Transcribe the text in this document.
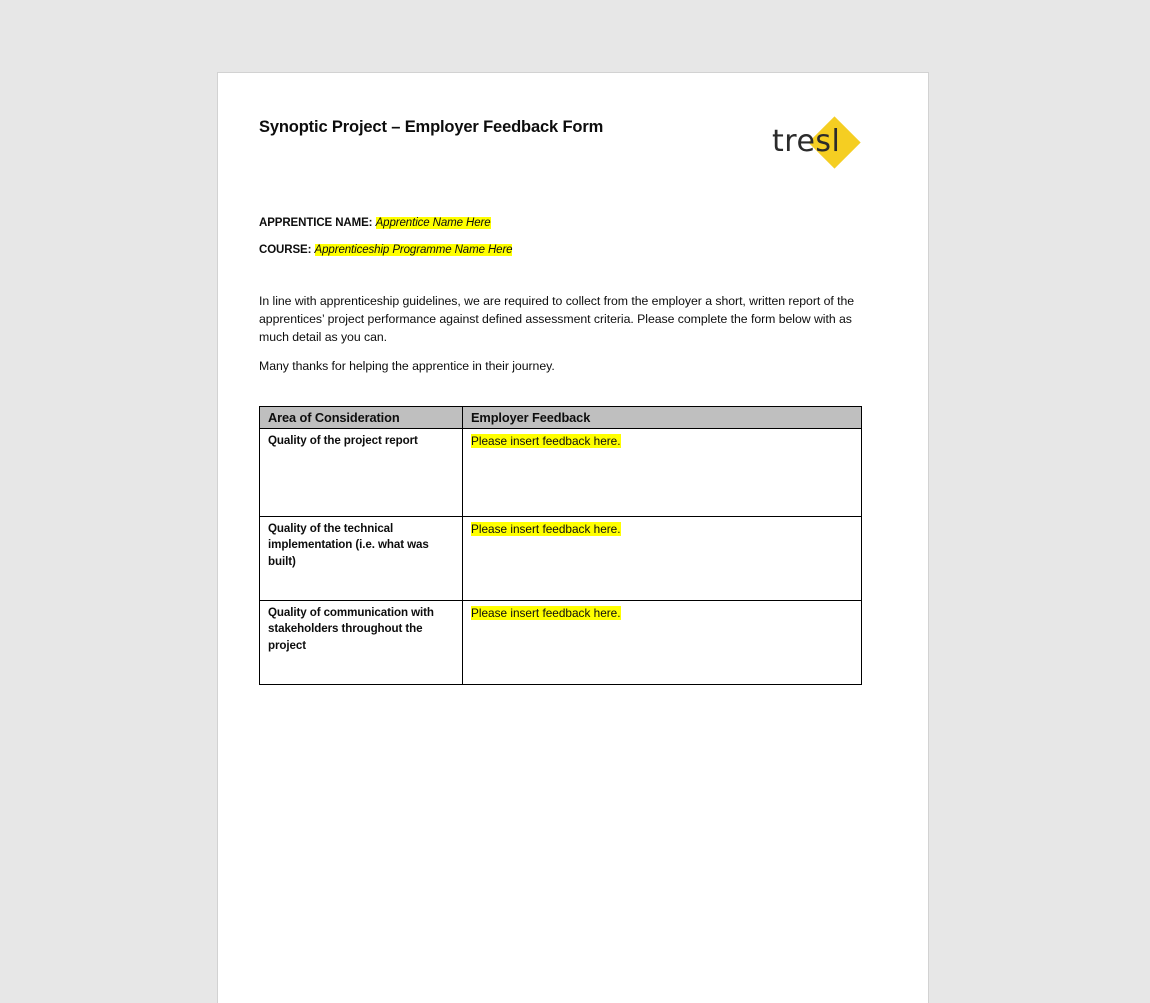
Synoptic Project – Employer Feedback Form	tresl
APPRENTICE NAME: Apprentice Name Here
COURSE: Apprenticeship Programme Name Here

In line with apprenticeship guidelines, we are required to collect from the employer a short, written report of the apprentices’ project performance against defined assessment criteria. Please complete the form below with as much detail as you can.

Many thanks for helping the apprentice in their journey.

Area of Consideration	Employer Feedback
Quality of the project report	Please insert feedback here.
Quality of the technical implementation (i.e. what was built)	Please insert feedback here.
Quality of communication with stakeholders throughout the project	Please insert feedback here.
